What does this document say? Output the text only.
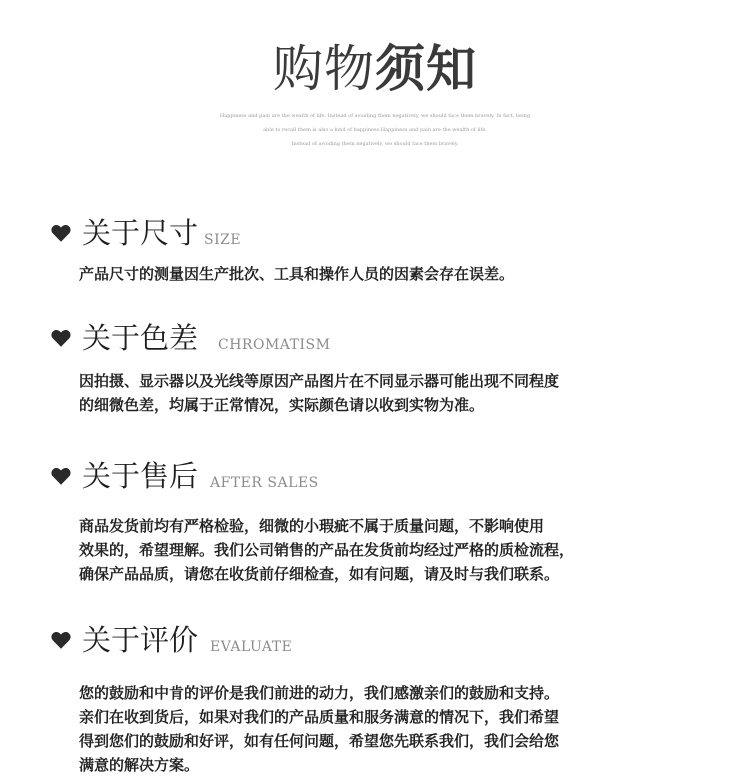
购物须知
Happiness and pain are the wealth of life. Instead of avoiding them negatively, we should face them bravely. In fact, being
able to recall them is also a kind of happiness.Happiness and pain are the wealth of life.
Instead of avoiding them negatively, we should face them bravely.
关于尺寸 SIZE

产品尺寸的测量因生产批次、工具和操作人员的因素会存在误差。

关于色差 CHROMATISM

因拍摄、显示器以及光线等原因产品图片在不同显示器可能出现不同程度

的细微色差，均属于正常情况，实际颜色请以收到实物为准。

关于售后 AFTER SALES

商品发货前均有严格检验，细微的小瑕疵不属于质量问题，不影响使用

效果的，希望理解。我们公司销售的产品在发货前均经过严格的质检流程，

确保产品品质，请您在收货前仔细检查，如有问题，请及时与我们联系。

关于评价 EVALUATE

您的鼓励和中肯的评价是我们前进的动力，我们感激亲们的鼓励和支持。

亲们在收到货后，如果对我们的产品质量和服务满意的情况下，我们希望

得到您们的鼓励和好评，如有任何问题，希望您先联系我们，我们会给您

满意的解决方案。
